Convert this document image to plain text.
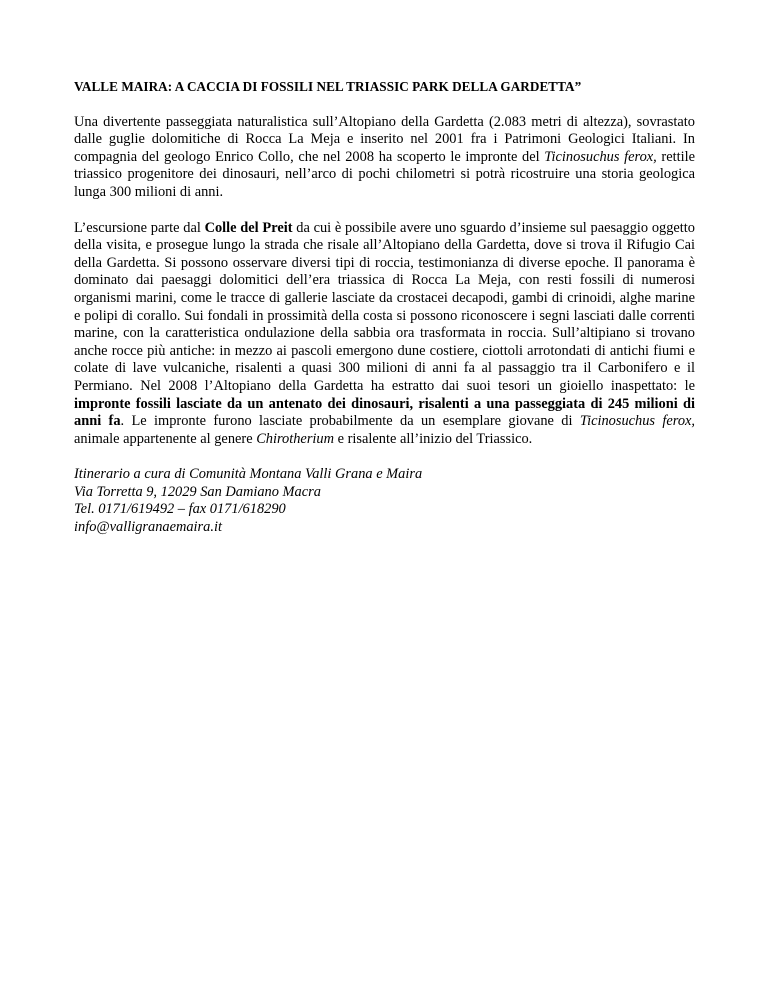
VALLE MAIRA: A CACCIA DI FOSSILI NEL TRIASSIC PARK DELLA GARDETTA”

Una divertente passeggiata naturalistica sull’Altopiano della Gardetta (2.083 metri di altezza), sovrastato dalle guglie dolomitiche di Rocca La Meja e inserito nel 2001 fra i Patrimoni Geologici Italiani. In compagnia del geologo Enrico Collo, che nel 2008 ha scoperto le impronte del Ticinosuchus ferox, rettile triassico progenitore dei dinosauri, nell’arco di pochi chilometri si potrà ricostruire una storia geologica lunga 300 milioni di anni.

L’escursione parte dal Colle del Preit da cui è possibile avere uno sguardo d’insieme sul paesaggio oggetto della visita, e prosegue lungo la strada che risale all’Altopiano della Gardetta, dove si trova il Rifugio Cai della Gardetta. Si possono osservare diversi tipi di roccia, testimonianza di diverse epoche. Il panorama è dominato dai paesaggi dolomitici dell’era triassica di Rocca La Meja, con resti fossili di numerosi organismi marini, come le tracce di gallerie lasciate da crostacei decapodi, gambi di crinoidi, alghe marine e polipi di corallo. Sui fondali in prossimità della costa si possono riconoscere i segni lasciati dalle correnti marine, con la caratteristica ondulazione della sabbia ora trasformata in roccia. Sull’altipiano si trovano anche rocce più antiche: in mezzo ai pascoli emergono dune costiere, ciottoli arrotondati di antichi fiumi e colate di lave vulcaniche, risalenti a quasi 300 milioni di anni fa al passaggio tra il Carbonifero e il Permiano. Nel 2008 l’Altopiano della Gardetta ha estratto dai suoi tesori un gioiello inaspettato: le impronte fossili lasciate da un antenato dei dinosauri, risalenti a una passeggiata di 245 milioni di anni fa. Le impronte furono lasciate probabilmente da un esemplare giovane di Ticinosuchus ferox, animale appartenente al genere Chirotherium e risalente all’inizio del Triassico.

Itinerario a cura di Comunità Montana Valli Grana e Maira
Via Torretta 9, 12029 San Damiano Macra
Tel. 0171/619492 – fax 0171/618290
info@valligranaemaira.it
